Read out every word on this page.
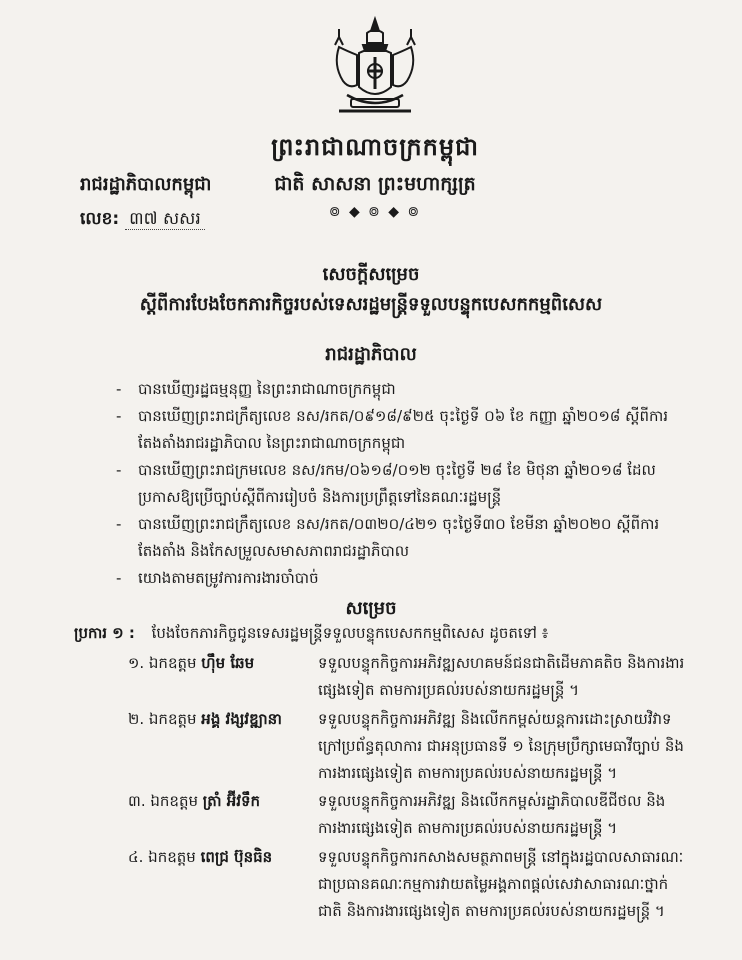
ព្រះរាជាណាចក្រកម្ពុជា
ជាតិ សាសនា ព្រះមហាក្សត្រ
៙ ◆ ៙ ◆ ៙
រាជរដ្ឋាភិបាលកម្ពុជា
លេខ: ៣៧ សសរ
សេចក្តីសម្រេច
ស្តីពីការបែងចែកភារកិច្ចរបស់ទេសរដ្ឋមន្ត្រីទទួលបន្ទុកបេសកកម្មពិសេស
រាជរដ្ឋាភិបាល
- បានឃើញរដ្ឋធម្មនុញ្ញ នៃព្រះរាជាណាចក្រកម្ពុជា
- បានឃើញព្រះរាជក្រឹត្យលេខ នស/រកត/០៩១៨/៩២៥ ចុះថ្ងៃទី ០៦ ខែ កញ្ញា ឆ្នាំ២០១៨ ស្តីពីការតែងតាំងរាជរដ្ឋាភិបាល នៃព្រះរាជាណាចក្រកម្ពុជា
- បានឃើញព្រះរាជក្រមលេខ នស/រកម/០៦១៨/០១២ ចុះថ្ងៃទី ២៨ ខែ មិថុនា ឆ្នាំ២០១៨ ដែលប្រកាសឱ្យប្រើច្បាប់ស្តីពីការរៀបចំ និងការប្រព្រឹត្តទៅនៃគណៈរដ្ឋមន្ត្រី
- បានឃើញព្រះរាជក្រឹត្យលេខ នស/រកត/០៣២០/៤២១ ចុះថ្ងៃទី៣០ ខែមីនា ឆ្នាំ២០២០ ស្តីពីការតែងតាំង និងកែសម្រួលសមាសភាពរាជរដ្ឋាភិបាល
- យោងតាមតម្រូវការការងារចាំបាច់
សម្រេច
ប្រការ ១ : បែងចែកភារកិច្ចជូនទេសរដ្ឋមន្ត្រីទទួលបន្ទុកបេសកកម្មពិសេស ដូចតទៅ ៖
១. ឯកឧត្តម ហ៊ឹម ឆែម	ទទួលបន្ទុកកិច្ចការអភិវឌ្ឍសហគមន៍ជនជាតិដើមភាគតិច និងការងារផ្សេងទៀត តាមការប្រគល់របស់នាយករដ្ឋមន្ត្រី ។
២. ឯកឧត្តម អង្គ វង្សវឌ្ឍានា	ទទួលបន្ទុកកិច្ចការអភិវឌ្ឍ និងលើកកម្ពស់យន្តការដោះស្រាយវិវាទក្រៅប្រព័ន្ធតុលាការ ជាអនុប្រធានទី ១ នៃក្រុមប្រឹក្សាមេធាវីច្បាប់ និងការងារផ្សេងទៀត តាមការប្រគល់របស់នាយករដ្ឋមន្ត្រី ។
៣. ឯកឧត្តម ត្រាំ អ៊ីវទឹក	ទទួលបន្ទុកកិច្ចការអភិវឌ្ឍ និងលើកកម្ពស់រដ្ឋាភិបាលឌីជីថល និងការងារផ្សេងទៀត តាមការប្រគល់របស់នាយករដ្ឋមន្ត្រី ។
៤. ឯកឧត្តម ពេជ្រ ប៊ុនធិន	ទទួលបន្ទុកកិច្ចការកសាងសមត្ថភាពមន្ត្រី នៅក្នុងរដ្ឋបាលសាធារណៈ ជាប្រធានគណៈកម្មការវាយតម្លៃអង្គភាពផ្តល់សេវាសាធារណៈថ្នាក់ជាតិ និងការងារផ្សេងទៀត តាមការប្រគល់របស់នាយករដ្ឋមន្ត្រី ។
